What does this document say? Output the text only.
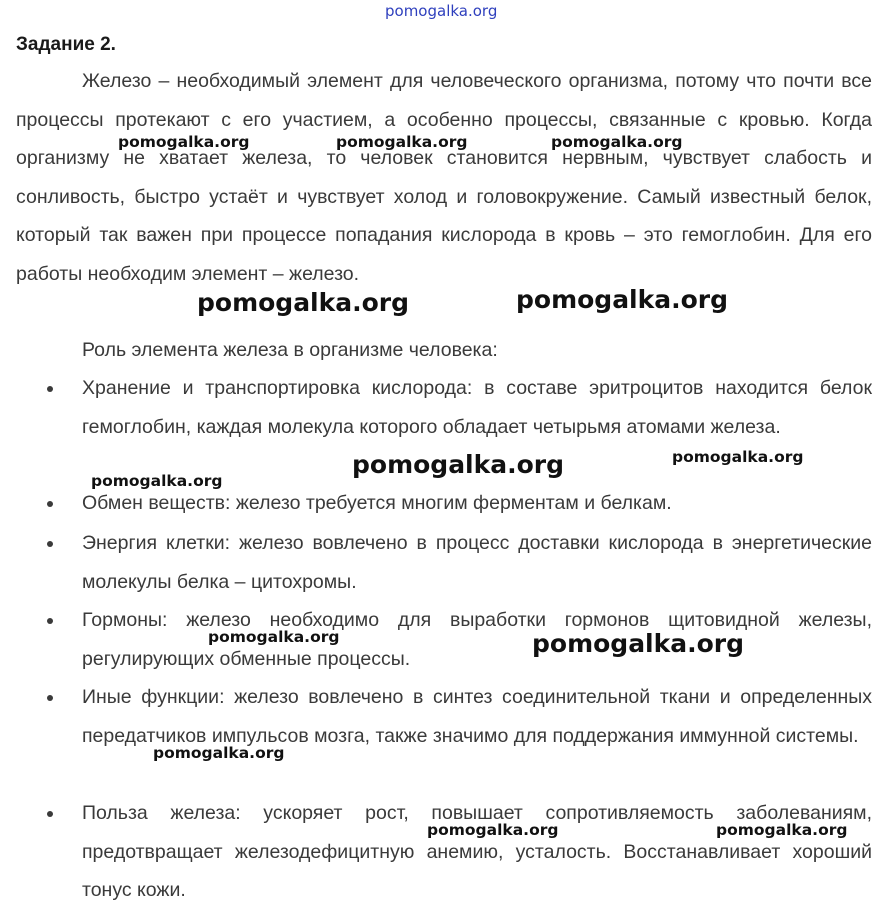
pomogalka.org
Задание 2.

Железо – необходимый элемент для человеческого организма, потому что почти все процессы протекают с его участием, а особенно процессы, связанные с кровью. Когда организму не хватает железа, то человек становится нервным, чувствует слабость и сонливость, быстро устаёт и чувствует холод и головокружение. Самый известный белок, который так важен при процессе попадания кислорода в кровь – это гемоглобин. Для его работы необходим элемент – железо.

Роль элемента железа в организме человека:
Хранение и транспортировка кислорода: в составе эритроцитов находится белок гемоглобин, каждая молекула которого обладает четырьмя атомами железа.
Обмен веществ: железо требуется многим ферментам и белкам.
Энергия клетки: железо вовлечено в процесс доставки кислорода в энергетические молекулы белка – цитохромы.
Гормоны: железо необходимо для выработки гормонов щитовидной железы, регулирующих обменные процессы.
Иные функции: железо вовлечено в синтез соединительной ткани и определенных передатчиков импульсов мозга, также значимо для поддержания иммунной системы.
Польза железа: ускоряет рост, повышает сопротивляемость заболеваниям, предотвращает железодефицитную анемию, усталость. Восстанавливает хороший тонус кожи.
pomogalka.org	pomogalka.org	pomogalka.org
pomogalka.org	pomogalka.org
pomogalka.org	pomogalka.org
pomogalka.org
pomogalka.org	pomogalka.org
pomogalka.org
pomogalka.org	pomogalka.org
